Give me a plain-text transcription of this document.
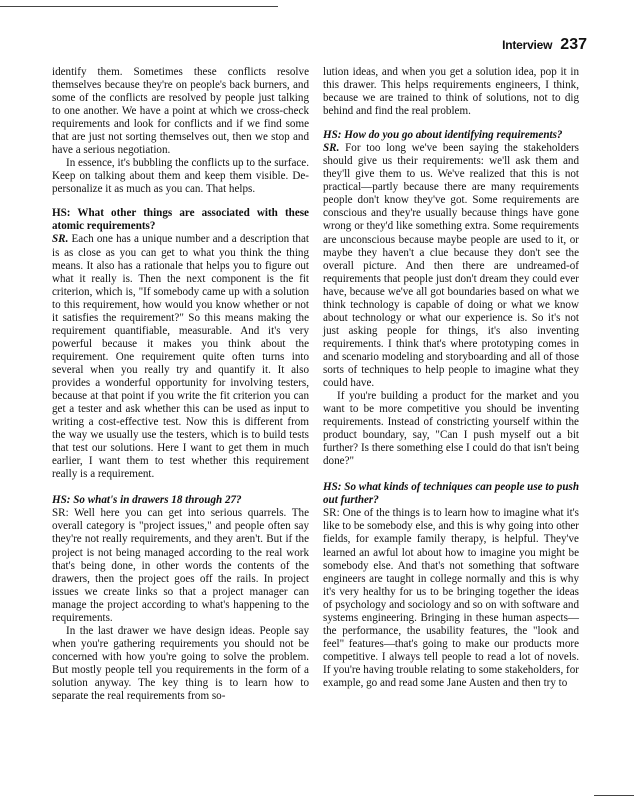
Interview 237

identify them. Sometimes these conflicts resolve themselves because they're on people's back burners, and some of the conflicts are resolved by people just talking to one another. We have a point at which we cross-check requirements and look for conflicts and if we find some that are just not sorting themselves out, then we stop and have a serious negotiation.

In essence, it's bubbling the conflicts up to the surface. Keep on talking about them and keep them visible. De-personalize it as much as you can. That helps.

HS: What other things are associated with these atomic requirements?

SR. Each one has a unique number and a description that is as close as you can get to what you think the thing means. It also has a rationale that helps you to figure out what it really is. Then the next component is the fit criterion, which is, "If somebody came up with a solution to this requirement, how would you know whether or not it satisfies the requirement?" So this means making the requirement quantifiable, measurable. And it's very powerful because it makes you think about the requirement. One requirement quite often turns into several when you really try and quantify it. It also provides a wonderful opportunity for involving testers, because at that point if you write the fit criterion you can get a tester and ask whether this can be used as input to writing a cost-effective test. Now this is different from the way we usually use the testers, which is to build tests that test our solutions. Here I want to get them in much earlier, I want them to test whether this requirement really is a requirement.

HS: So what's in drawers 18 through 27?

SR: Well here you can get into serious quarrels. The overall category is "project issues," and people often say they're not really requirements, and they aren't. But if the project is not being managed according to the real work that's being done, in other words the contents of the drawers, then the project goes off the rails. In project issues we create links so that a project manager can manage the project according to what's happening to the requirements.

In the last drawer we have design ideas. People say when you're gathering requirements you should not be concerned with how you're going to solve the problem. But mostly people tell you requirements in the form of a solution anyway. The key thing is to learn how to separate the real requirements from so-

lution ideas, and when you get a solution idea, pop it in this drawer. This helps requirements engineers, I think, because we are trained to think of solutions, not to dig behind and find the real problem.

HS: How do you go about identifying requirements?

SR. For too long we've been saying the stakeholders should give us their requirements: we'll ask them and they'll give them to us. We've realized that this is not practical—partly because there are many requirements people don't know they've got. Some requirements are conscious and they're usually because things have gone wrong or they'd like something extra. Some requirements are unconscious because maybe people are used to it, or maybe they haven't a clue because they don't see the overall picture. And then there are undreamed-of requirements that people just don't dream they could ever have, because we've all got boundaries based on what we think technology is capable of doing or what we know about technology or what our experience is. So it's not just asking people for things, it's also inventing requirements. I think that's where prototyping comes in and scenario modeling and storyboarding and all of those sorts of techniques to help people to imagine what they could have.

If you're building a product for the market and you want to be more competitive you should be inventing requirements. Instead of constricting yourself within the product boundary, say, "Can I push myself out a bit further? Is there something else I could do that isn't being done?"

HS: So what kinds of techniques can people use to push out further?

SR: One of the things is to learn how to imagine what it's like to be somebody else, and this is why going into other fields, for example family therapy, is helpful. They've learned an awful lot about how to imagine you might be somebody else. And that's not something that software engineers are taught in college normally and this is why it's very healthy for us to be bringing together the ideas of psychology and sociology and so on with software and systems engineering. Bringing in these human aspects—the performance, the usability features, the "look and feel" features—that's going to make our products more competitive. I always tell people to read a lot of novels. If you're having trouble relating to some stakeholders, for example, go and read some Jane Austen and then try to
